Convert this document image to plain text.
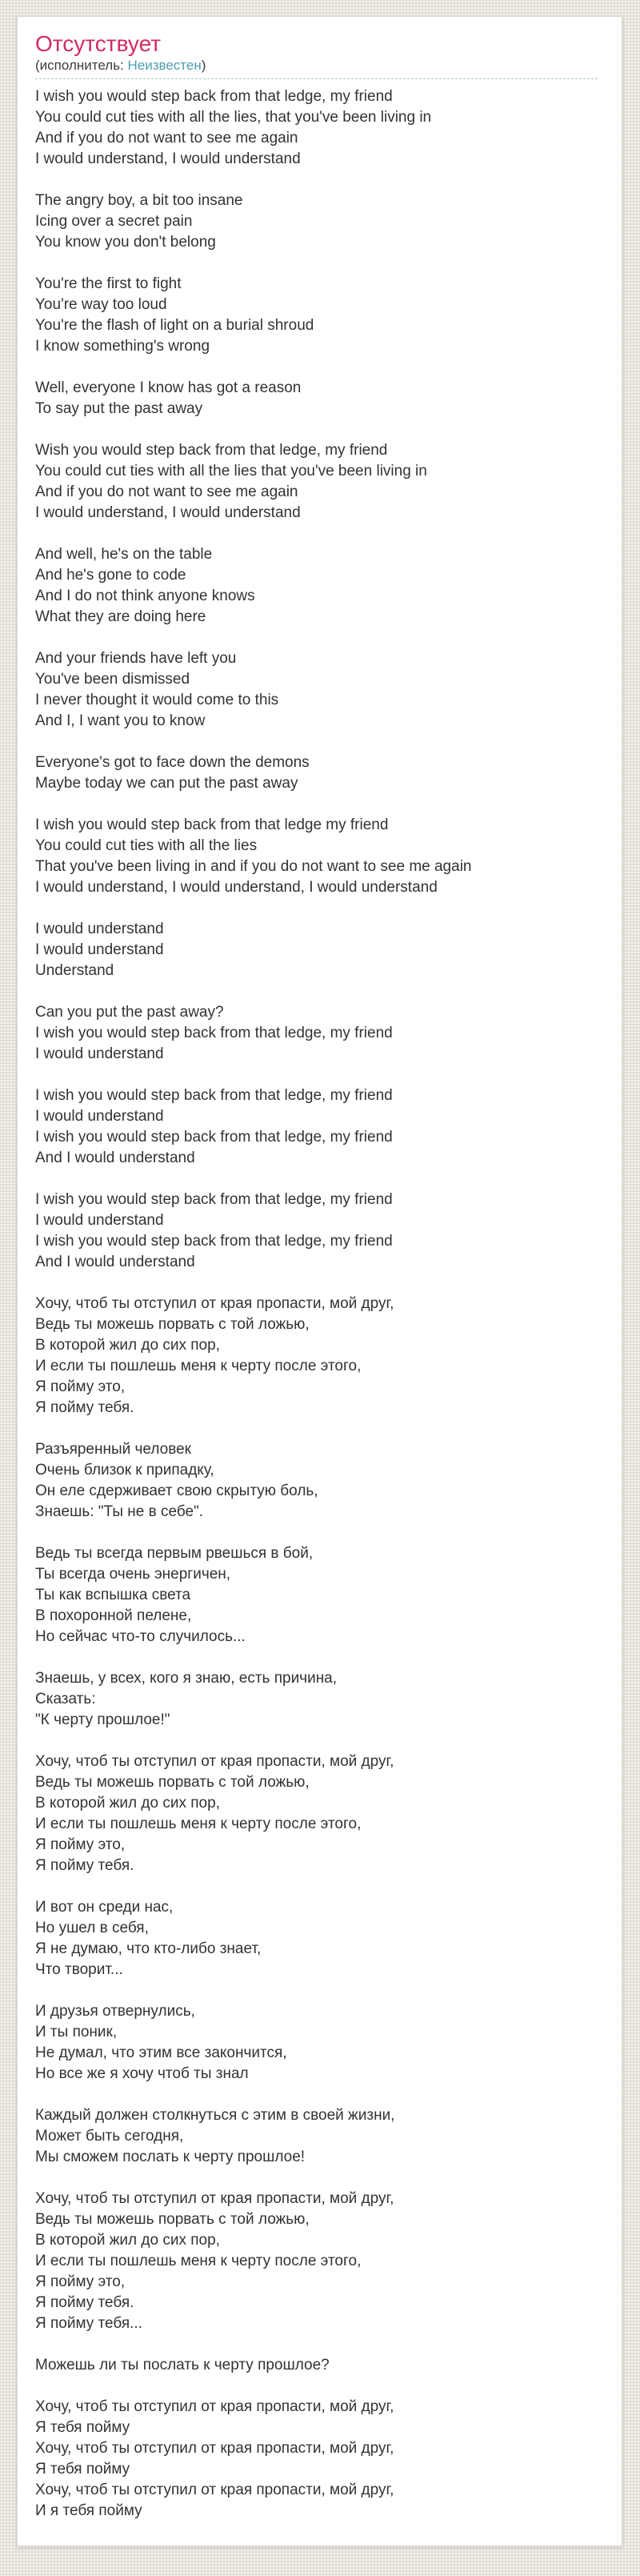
Отсутствует

(исполнитель: Неизвестен)

I wish you would step back from that ledge, my friend
You could cut ties with all the lies, that you've been living in
And if you do not want to see me again
I would understand, I would understand

The angry boy, a bit too insane
Icing over a secret pain
You know you don't belong

You're the first to fight
You're way too loud
You're the flash of light on a burial shroud
I know something's wrong

Well, everyone I know has got a reason
To say put the past away

Wish you would step back from that ledge, my friend
You could cut ties with all the lies that you've been living in
And if you do not want to see me again
I would understand, I would understand

And well, he's on the table
And he's gone to code
And I do not think anyone knows
What they are doing here

And your friends have left you
You've been dismissed
I never thought it would come to this
And I, I want you to know

Everyone's got to face down the demons
Maybe today we can put the past away

I wish you would step back from that ledge my friend
You could cut ties with all the lies
That you've been living in and if you do not want to see me again
I would understand, I would understand, I would understand

I would understand
I would understand
Understand

Can you put the past away?
I wish you would step back from that ledge, my friend
I would understand

I wish you would step back from that ledge, my friend
I would understand
I wish you would step back from that ledge, my friend
And I would understand

I wish you would step back from that ledge, my friend
I would understand
I wish you would step back from that ledge, my friend
And I would understand

Хочу, чтоб ты отступил от края пропасти, мой друг,
Ведь ты можешь порвать с той ложью,
В которой жил до сих пор,
И если ты пошлешь меня к черту после этого,
Я пойму это,
Я пойму тебя.

Разъяренный человек
Очень близок к припадку,
Он еле сдерживает свою скрытую боль,
Знаешь: "Ты не в себе".

Ведь ты всегда первым рвешься в бой,
Ты всегда очень энергичен,
Ты как вспышка света
В похоронной пелене,
Но сейчас что-то случилось...

Знаешь, у всех, кого я знаю, есть причина,
Сказать:
"К черту прошлое!"

Хочу, чтоб ты отступил от края пропасти, мой друг,
Ведь ты можешь порвать с той ложью,
В которой жил до сих пор,
И если ты пошлешь меня к черту после этого,
Я пойму это,
Я пойму тебя.

И вот он среди нас,
Но ушел в себя,
Я не думаю, что кто-либо знает,
Что творит...

И друзья отвернулись,
И ты поник,
Не думал, что этим все закончится,
Но все же я хочу чтоб ты знал

Каждый должен столкнуться с этим в своей жизни,
Может быть сегодня,
Мы сможем послать к черту прошлое!

Хочу, чтоб ты отступил от края пропасти, мой друг,
Ведь ты можешь порвать с той ложью,
В которой жил до сих пор,
И если ты пошлешь меня к черту после этого,
Я пойму это,
Я пойму тебя.
Я пойму тебя...

Можешь ли ты послать к черту прошлое?

Хочу, чтоб ты отступил от края пропасти, мой друг,
Я тебя пойму
Хочу, чтоб ты отступил от края пропасти, мой друг,
Я тебя пойму
Хочу, чтоб ты отступил от края пропасти, мой друг,
И я тебя пойму
